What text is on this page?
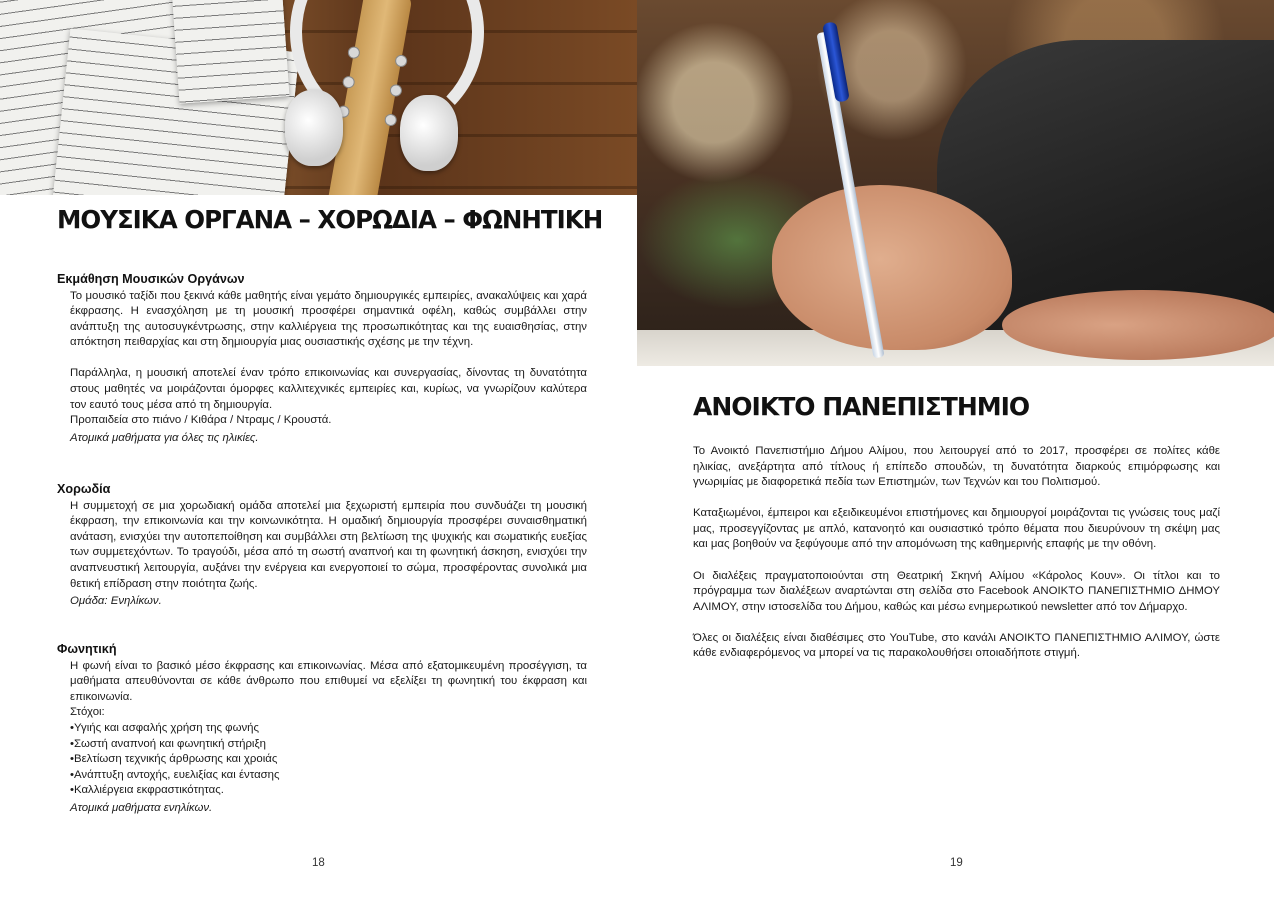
ΜΟΥΣΙΚΑ ΟΡΓΑΝΑ – ΧΟΡΩΔΙΑ – ΦΩΝΗΤΙΚΗ
Εκμάθηση Μουσικών Οργάνων

Το μουσικό ταξίδι που ξεκινά κάθε μαθητής είναι γεμάτο δημιουργικές εμπειρίες, ανακαλύψεις και χαρά έκφρασης. Η ενασχόληση με τη μουσική προσφέρει σημαντικά οφέλη, καθώς συμβάλλει στην ανάπτυξη της αυτοσυγκέντρωσης, στην καλλιέργεια της προσωπικότητας και της ευαισθησίας, στην απόκτηση πειθαρχίας και στη δημιουργία μιας ουσιαστικής σχέσης με την τέχνη.

Παράλληλα, η μουσική αποτελεί έναν τρόπο επικοινωνίας και συνεργασίας, δίνοντας τη δυνατότητα στους μαθητές να μοιράζονται όμορφες καλλιτεχνικές εμπειρίες και, κυρίως, να γνωρίζουν καλύτερα τον εαυτό τους μέσα από τη δημιουργία.

Προπαιδεία στο πιάνο / Κιθάρα / Ντραμς / Κρουστά.

Ατομικά μαθήματα για όλες τις ηλικίες.

Χορωδία

Η συμμετοχή σε μια χορωδιακή ομάδα αποτελεί μια ξεχωριστή εμπειρία που συνδυάζει τη μουσική έκφραση, την επικοινωνία και την κοινωνικότητα. Η ομαδική δημιουργία προσφέρει συναισθηματική ανάταση, ενισχύει την αυτοπεποίθηση και συμβάλλει στη βελτίωση της ψυχικής και σωματικής ευεξίας των συμμετεχόντων. Το τραγούδι, μέσα από τη σωστή αναπνοή και τη φωνητική άσκηση, ενισχύει την αναπνευστική λειτουργία, αυξάνει την ενέργεια και ενεργοποιεί το σώμα, προσφέροντας συνολικά μια θετική επίδραση στην ποιότητα ζωής.

Ομάδα: Ενηλίκων.

Φωνητική

Η φωνή είναι το βασικό μέσο έκφρασης και επικοινωνίας. Μέσα από εξατομικευμένη προσέγγιση, τα μαθήματα απευθύνονται σε κάθε άνθρωπο που επιθυμεί να εξελίξει τη φωνητική του έκφραση και επικοινωνία.

Στόχοι:

• Υγιής και ασφαλής χρήση της φωνής
• Σωστή αναπνοή και φωνητική στήριξη
• Βελτίωση τεχνικής άρθρωσης και χροιάς
• Ανάπτυξη αντοχής, ευελιξίας και έντασης
• Καλλιέργεια εκφραστικότητας.

Ατομικά μαθήματα ενηλίκων.

18
ΑΝΟΙΚΤΟ ΠΑΝΕΠΙΣΤΗΜΙΟ

Το Ανοικτό Πανεπιστήμιο Δήμου Αλίμου, που λειτουργεί από το 2017, προσφέρει σε πολίτες κάθε ηλικίας, ανεξάρτητα από τίτλους ή επίπεδο σπουδών, τη δυνατότητα διαρκούς επιμόρφωσης και γνωριμίας με διαφορετικά πεδία των Επιστημών, των Τεχνών και του Πολιτισμού.

Καταξιωμένοι, έμπειροι και εξειδικευμένοι επιστήμονες και δημιουργοί μοιράζονται τις γνώσεις τους μαζί μας, προσεγγίζοντας με απλό, κατανοητό και ουσιαστικό τρόπο θέματα που διευρύνουν τη σκέψη μας και μας βοηθούν να ξεφύγουμε από την απομόνωση της καθημερινής επαφής με την οθόνη.

Οι διαλέξεις πραγματοποιούνται στη Θεατρική Σκηνή Αλίμου «Κάρολος Κουν». Οι τίτλοι και το πρόγραμμα των διαλέξεων αναρτώνται στη σελίδα στο Facebook ΑΝΟΙΚΤΟ ΠΑΝΕΠΙΣΤΗΜΙΟ ΔΗΜΟΥ ΑΛΙΜΟΥ, στην ιστοσελίδα του Δήμου, καθώς και μέσω ενημερωτικού newsletter από τον Δήμαρχο.

Όλες οι διαλέξεις είναι διαθέσιμες στο YouTube, στο κανάλι ΑΝΟΙΚΤΟ ΠΑΝΕΠΙΣΤΗΜΙΟ ΑΛΙΜΟΥ, ώστε κάθε ενδιαφερόμενος να μπορεί να τις παρακολουθήσει οποιαδήποτε στιγμή.

19
